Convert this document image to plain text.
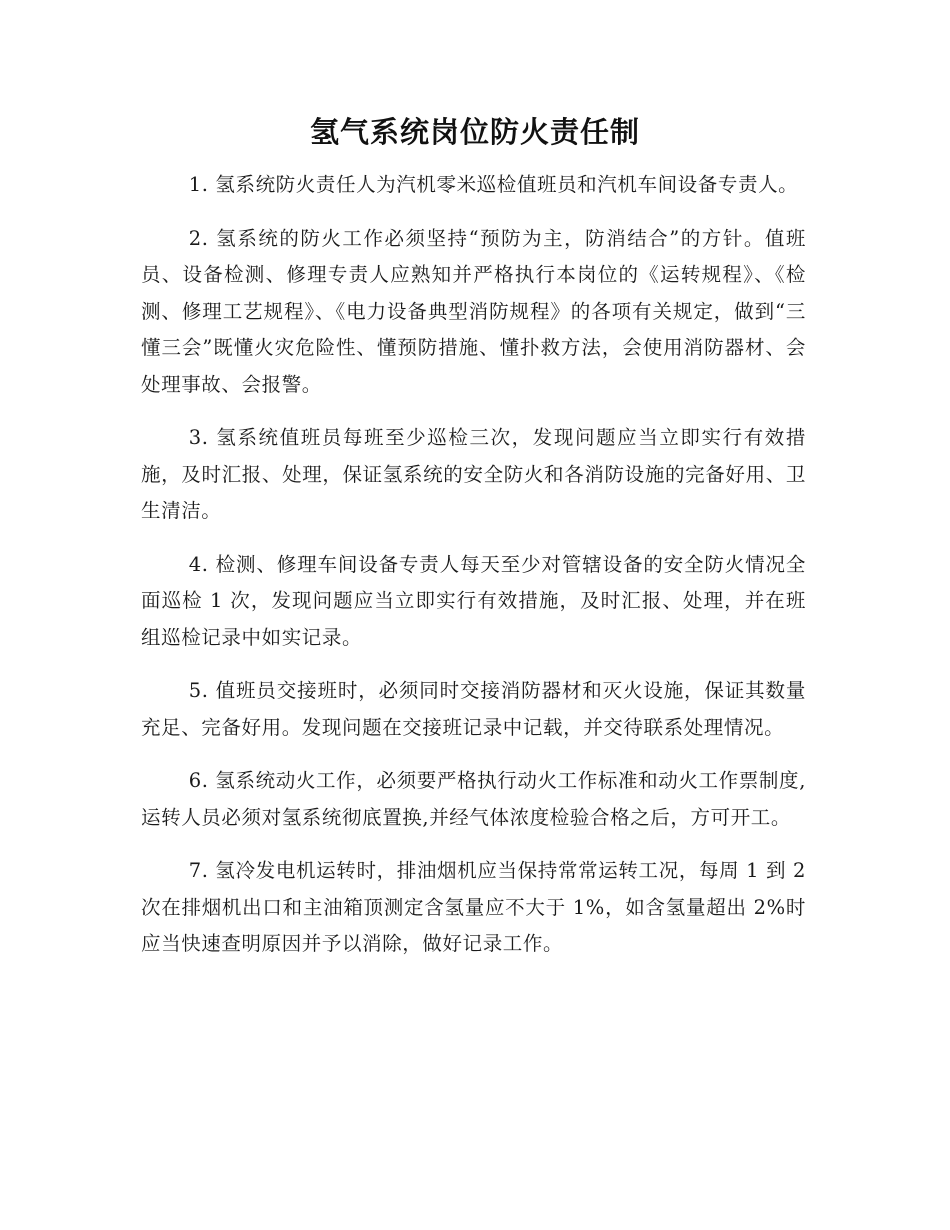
氢气系统岗位防火责任制

1. 氢系统防火责任人为汽机零米巡检值班员和汽机车间设备专责人。

2. 氢系统的防火工作必须坚持“预防为主，防消结合”的方针。值班员、设备检测、修理专责人应熟知并严格执行本岗位的《运转规程》、《检测、修理工艺规程》、《电力设备典型消防规程》的各项有关规定，做到“三懂三会”既懂火灾危险性、懂预防措施、懂扑救方法，会使用消防器材、会处理事故、会报警。

3. 氢系统值班员每班至少巡检三次，发现问题应当立即实行有效措施，及时汇报、处理，保证氢系统的安全防火和各消防设施的完备好用、卫生清洁。

4. 检测、修理车间设备专责人每天至少对管辖设备的安全防火情况全面巡检 1 次，发现问题应当立即实行有效措施，及时汇报、处理，并在班组巡检记录中如实记录。

5. 值班员交接班时，必须同时交接消防器材和灭火设施，保证其数量充足、完备好用。发现问题在交接班记录中记载，并交待联系处理情况。

6. 氢系统动火工作，必须要严格执行动火工作标准和动火工作票制度,运转人员必须对氢系统彻底置换,并经气体浓度检验合格之后，方可开工。

7. 氢冷发电机运转时，排油烟机应当保持常常运转工况，每周 1 到 2 次在排烟机出口和主油箱顶测定含氢量应不大于 1%，如含氢量超出 2%时应当快速查明原因并予以消除，做好记录工作。
